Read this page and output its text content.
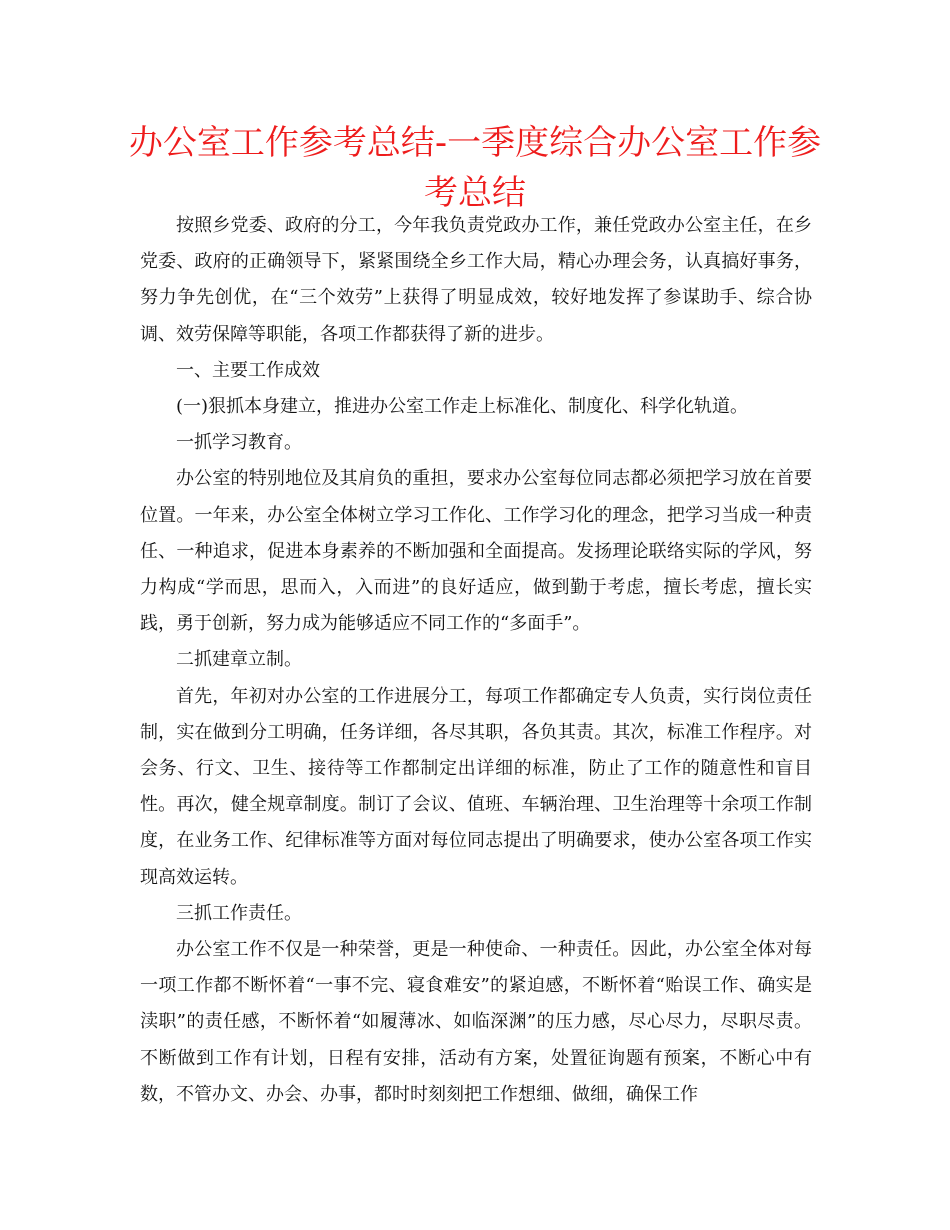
办公室工作参考总结-一季度综合办公室工作参考总结

按照乡党委、政府的分工，今年我负责党政办工作，兼任党政办公室主任，在乡党委、政府的正确领导下，紧紧围绕全乡工作大局，精心办理会务，认真搞好事务，努力争先创优，在“三个效劳”上获得了明显成效，较好地发挥了参谋助手、综合协调、效劳保障等职能，各项工作都获得了新的进步。

一、主要工作成效

(一)狠抓本身建立，推进办公室工作走上标准化、制度化、科学化轨道。

一抓学习教育。

办公室的特别地位及其肩负的重担，要求办公室每位同志都必须把学习放在首要位置。一年来，办公室全体树立学习工作化、工作学习化的理念，把学习当成一种责任、一种追求，促进本身素养的不断加强和全面提高。发扬理论联络实际的学风，努力构成“学而思，思而入，入而进”的良好适应，做到勤于考虑，擅长考虑，擅长实践，勇于创新，努力成为能够适应不同工作的“多面手”。

二抓建章立制。

首先，年初对办公室的工作进展分工，每项工作都确定专人负责，实行岗位责任制，实在做到分工明确，任务详细，各尽其职，各负其责。其次，标准工作程序。对会务、行文、卫生、接待等工作都制定出详细的标准，防止了工作的随意性和盲目性。再次，健全规章制度。制订了会议、值班、车辆治理、卫生治理等十余项工作制度，在业务工作、纪律标准等方面对每位同志提出了明确要求，使办公室各项工作实现高效运转。

三抓工作责任。

办公室工作不仅是一种荣誉，更是一种使命、一种责任。因此，办公室全体对每一项工作都不断怀着“一事不完、寝食难安”的紧迫感，不断怀着“贻误工作、确实是渎职”的责任感，不断怀着“如履薄冰、如临深渊”的压力感，尽心尽力，尽职尽责。不断做到工作有计划，日程有安排，活动有方案，处置征询题有预案，不断心中有数，不管办文、办会、办事，都时时刻刻把工作想细、做细，确保工作
